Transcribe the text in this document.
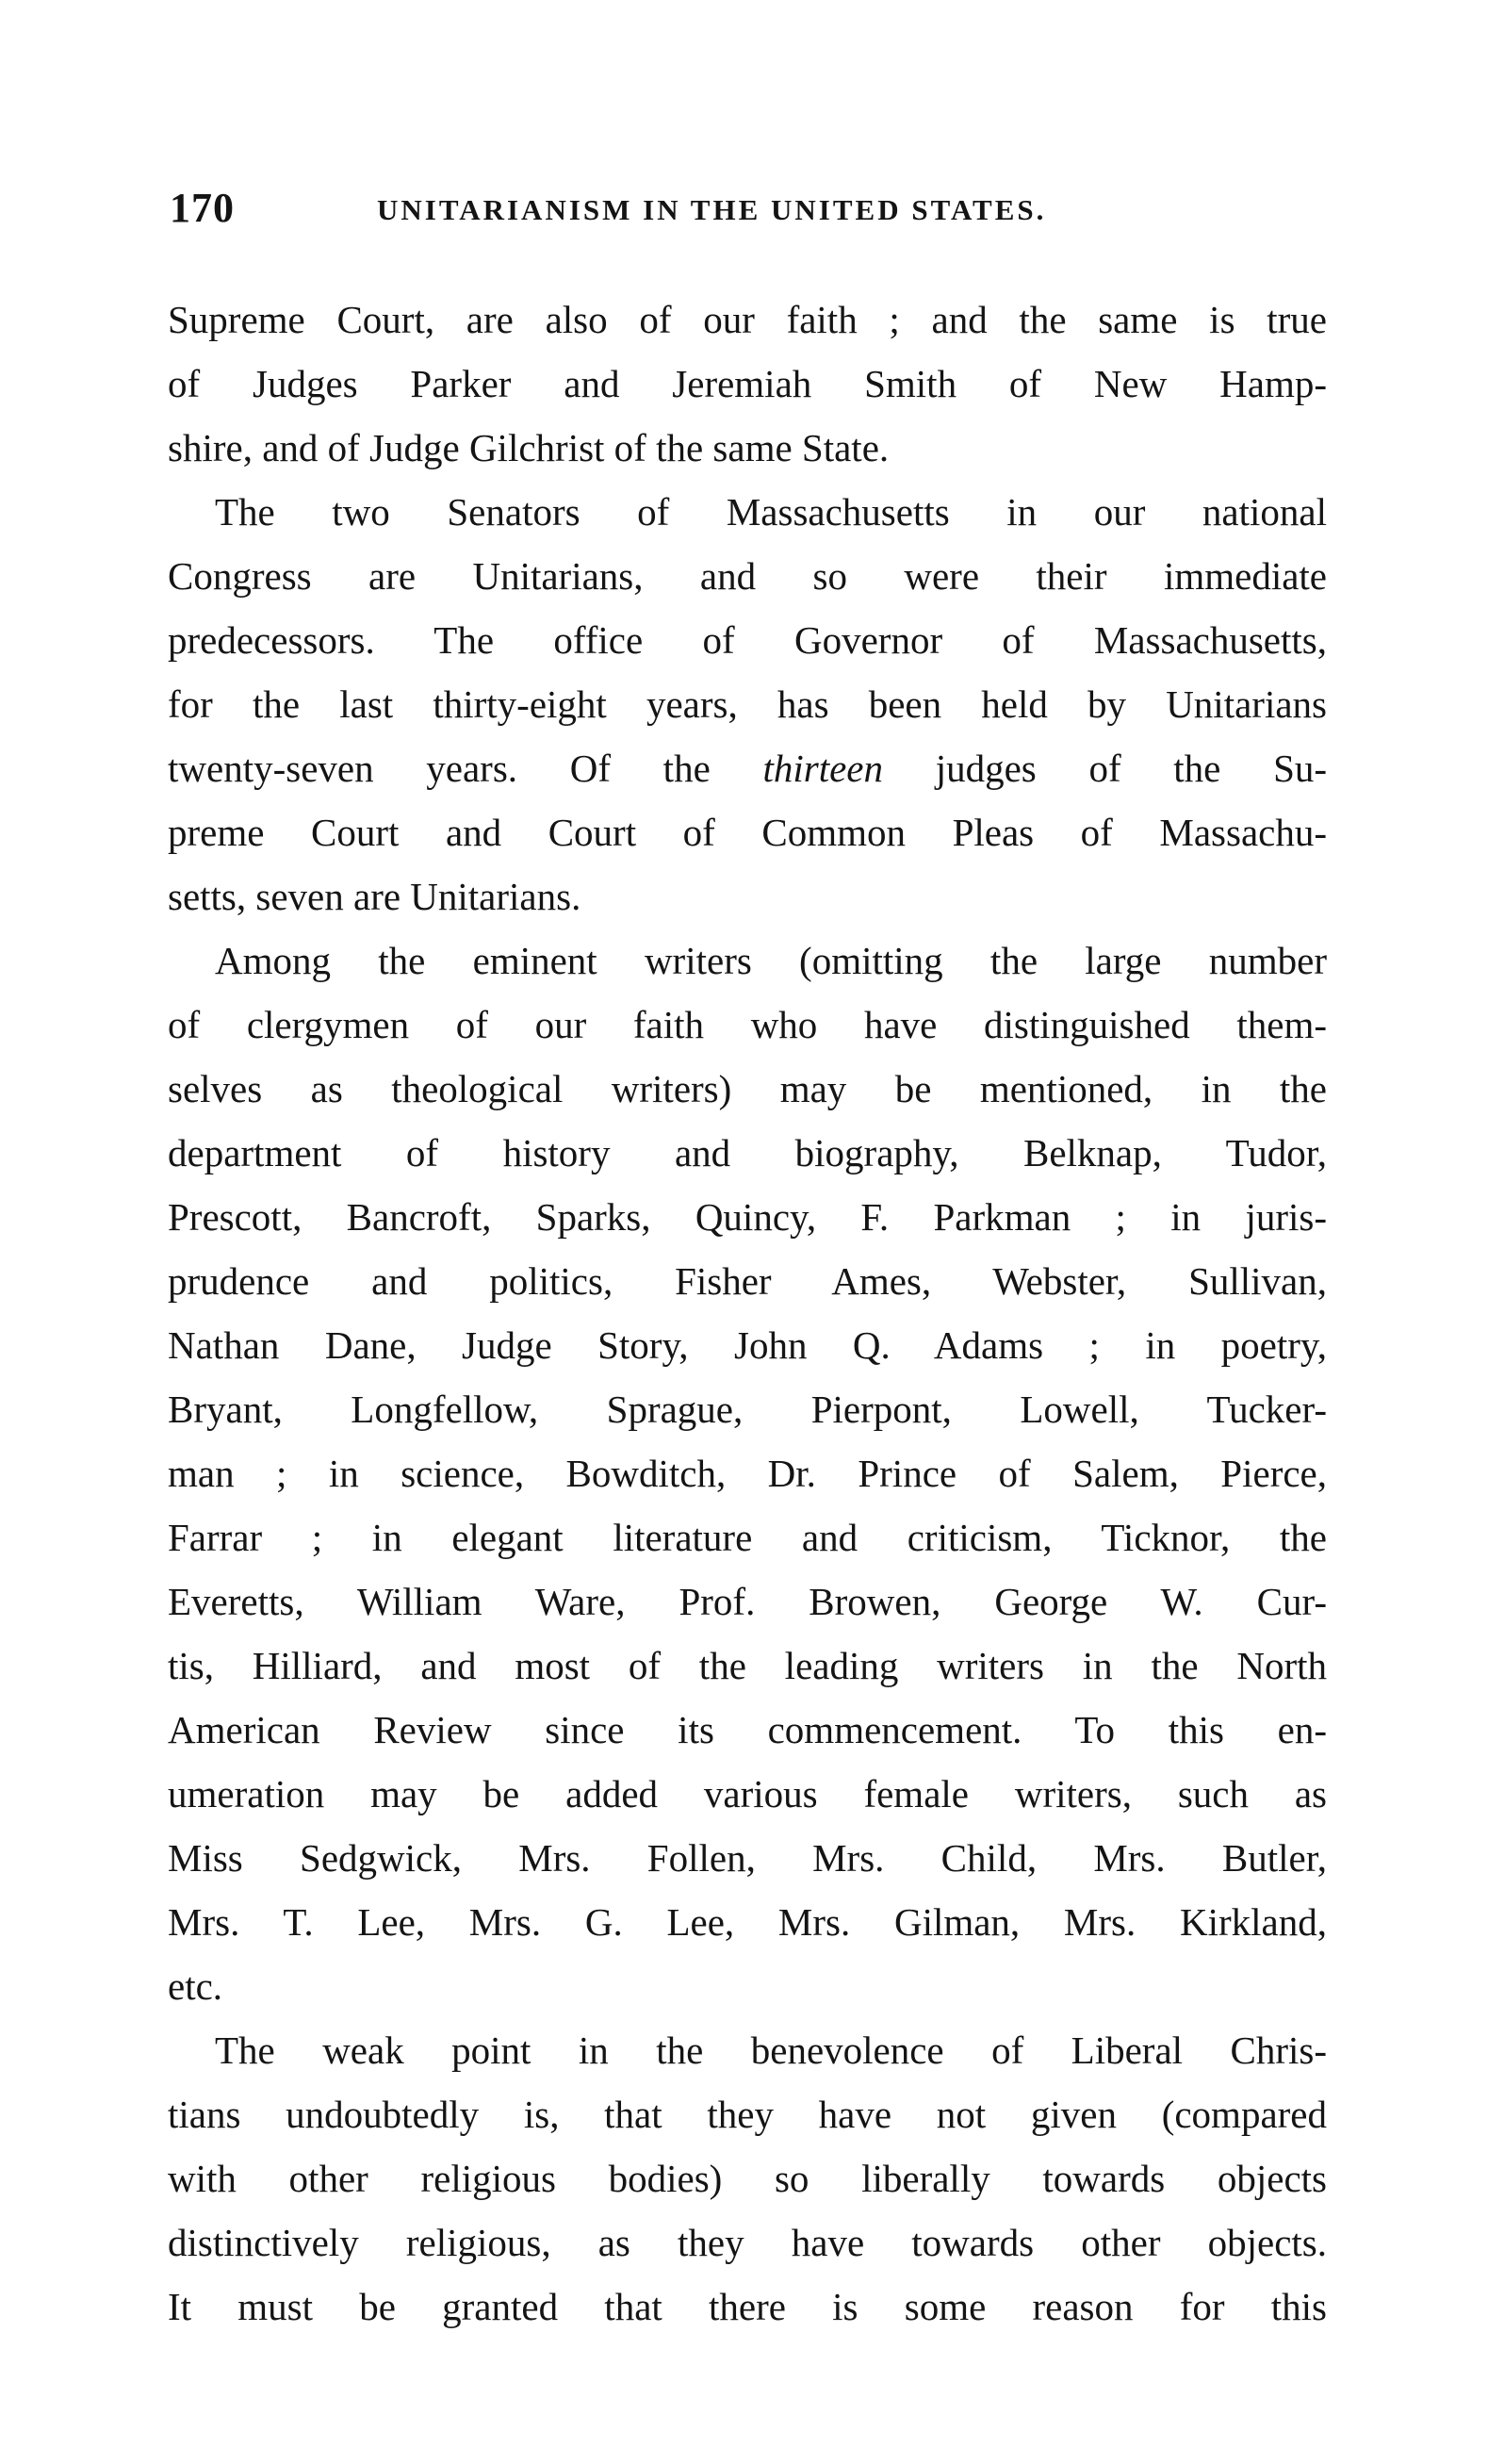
170	UNITARIANISM IN THE UNITED STATES.
Supreme Court, are also of our faith ; and the same is true
of Judges Parker and Jeremiah Smith of New Hamp-
shire, and of Judge Gilchrist of the same State.
The two Senators of Massachusetts in our national
Congress are Unitarians, and so were their immediate
predecessors. The office of Governor of Massachusetts,
for the last thirty-eight years, has been held by Unitarians
twenty-seven years. Of the thirteen judges of the Su-
preme Court and Court of Common Pleas of Massachu-
setts, seven are Unitarians.
Among the eminent writers (omitting the large number
of clergymen of our faith who have distinguished them-
selves as theological writers) may be mentioned, in the
department of history and biography, Belknap, Tudor,
Prescott, Bancroft, Sparks, Quincy, F. Parkman ; in juris-
prudence and politics, Fisher Ames, Webster, Sullivan,
Nathan Dane, Judge Story, John Q. Adams ; in poetry,
Bryant, Longfellow, Sprague, Pierpont, Lowell, Tucker-
man ; in science, Bowditch, Dr. Prince of Salem, Pierce,
Farrar ; in elegant literature and criticism, Ticknor, the
Everetts, William Ware, Prof. Browen, George W. Cur-
tis, Hilliard, and most of the leading writers in the North
American Review since its commencement. To this en-
umeration may be added various female writers, such as
Miss Sedgwick, Mrs. Follen, Mrs. Child, Mrs. Butler,
Mrs. T. Lee, Mrs. G. Lee, Mrs. Gilman, Mrs. Kirkland,
etc.
The weak point in the benevolence of Liberal Chris-
tians undoubtedly is, that they have not given (compared
with other religious bodies) so liberally towards objects
distinctively religious, as they have towards other objects.
It must be granted that there is some reason for this
